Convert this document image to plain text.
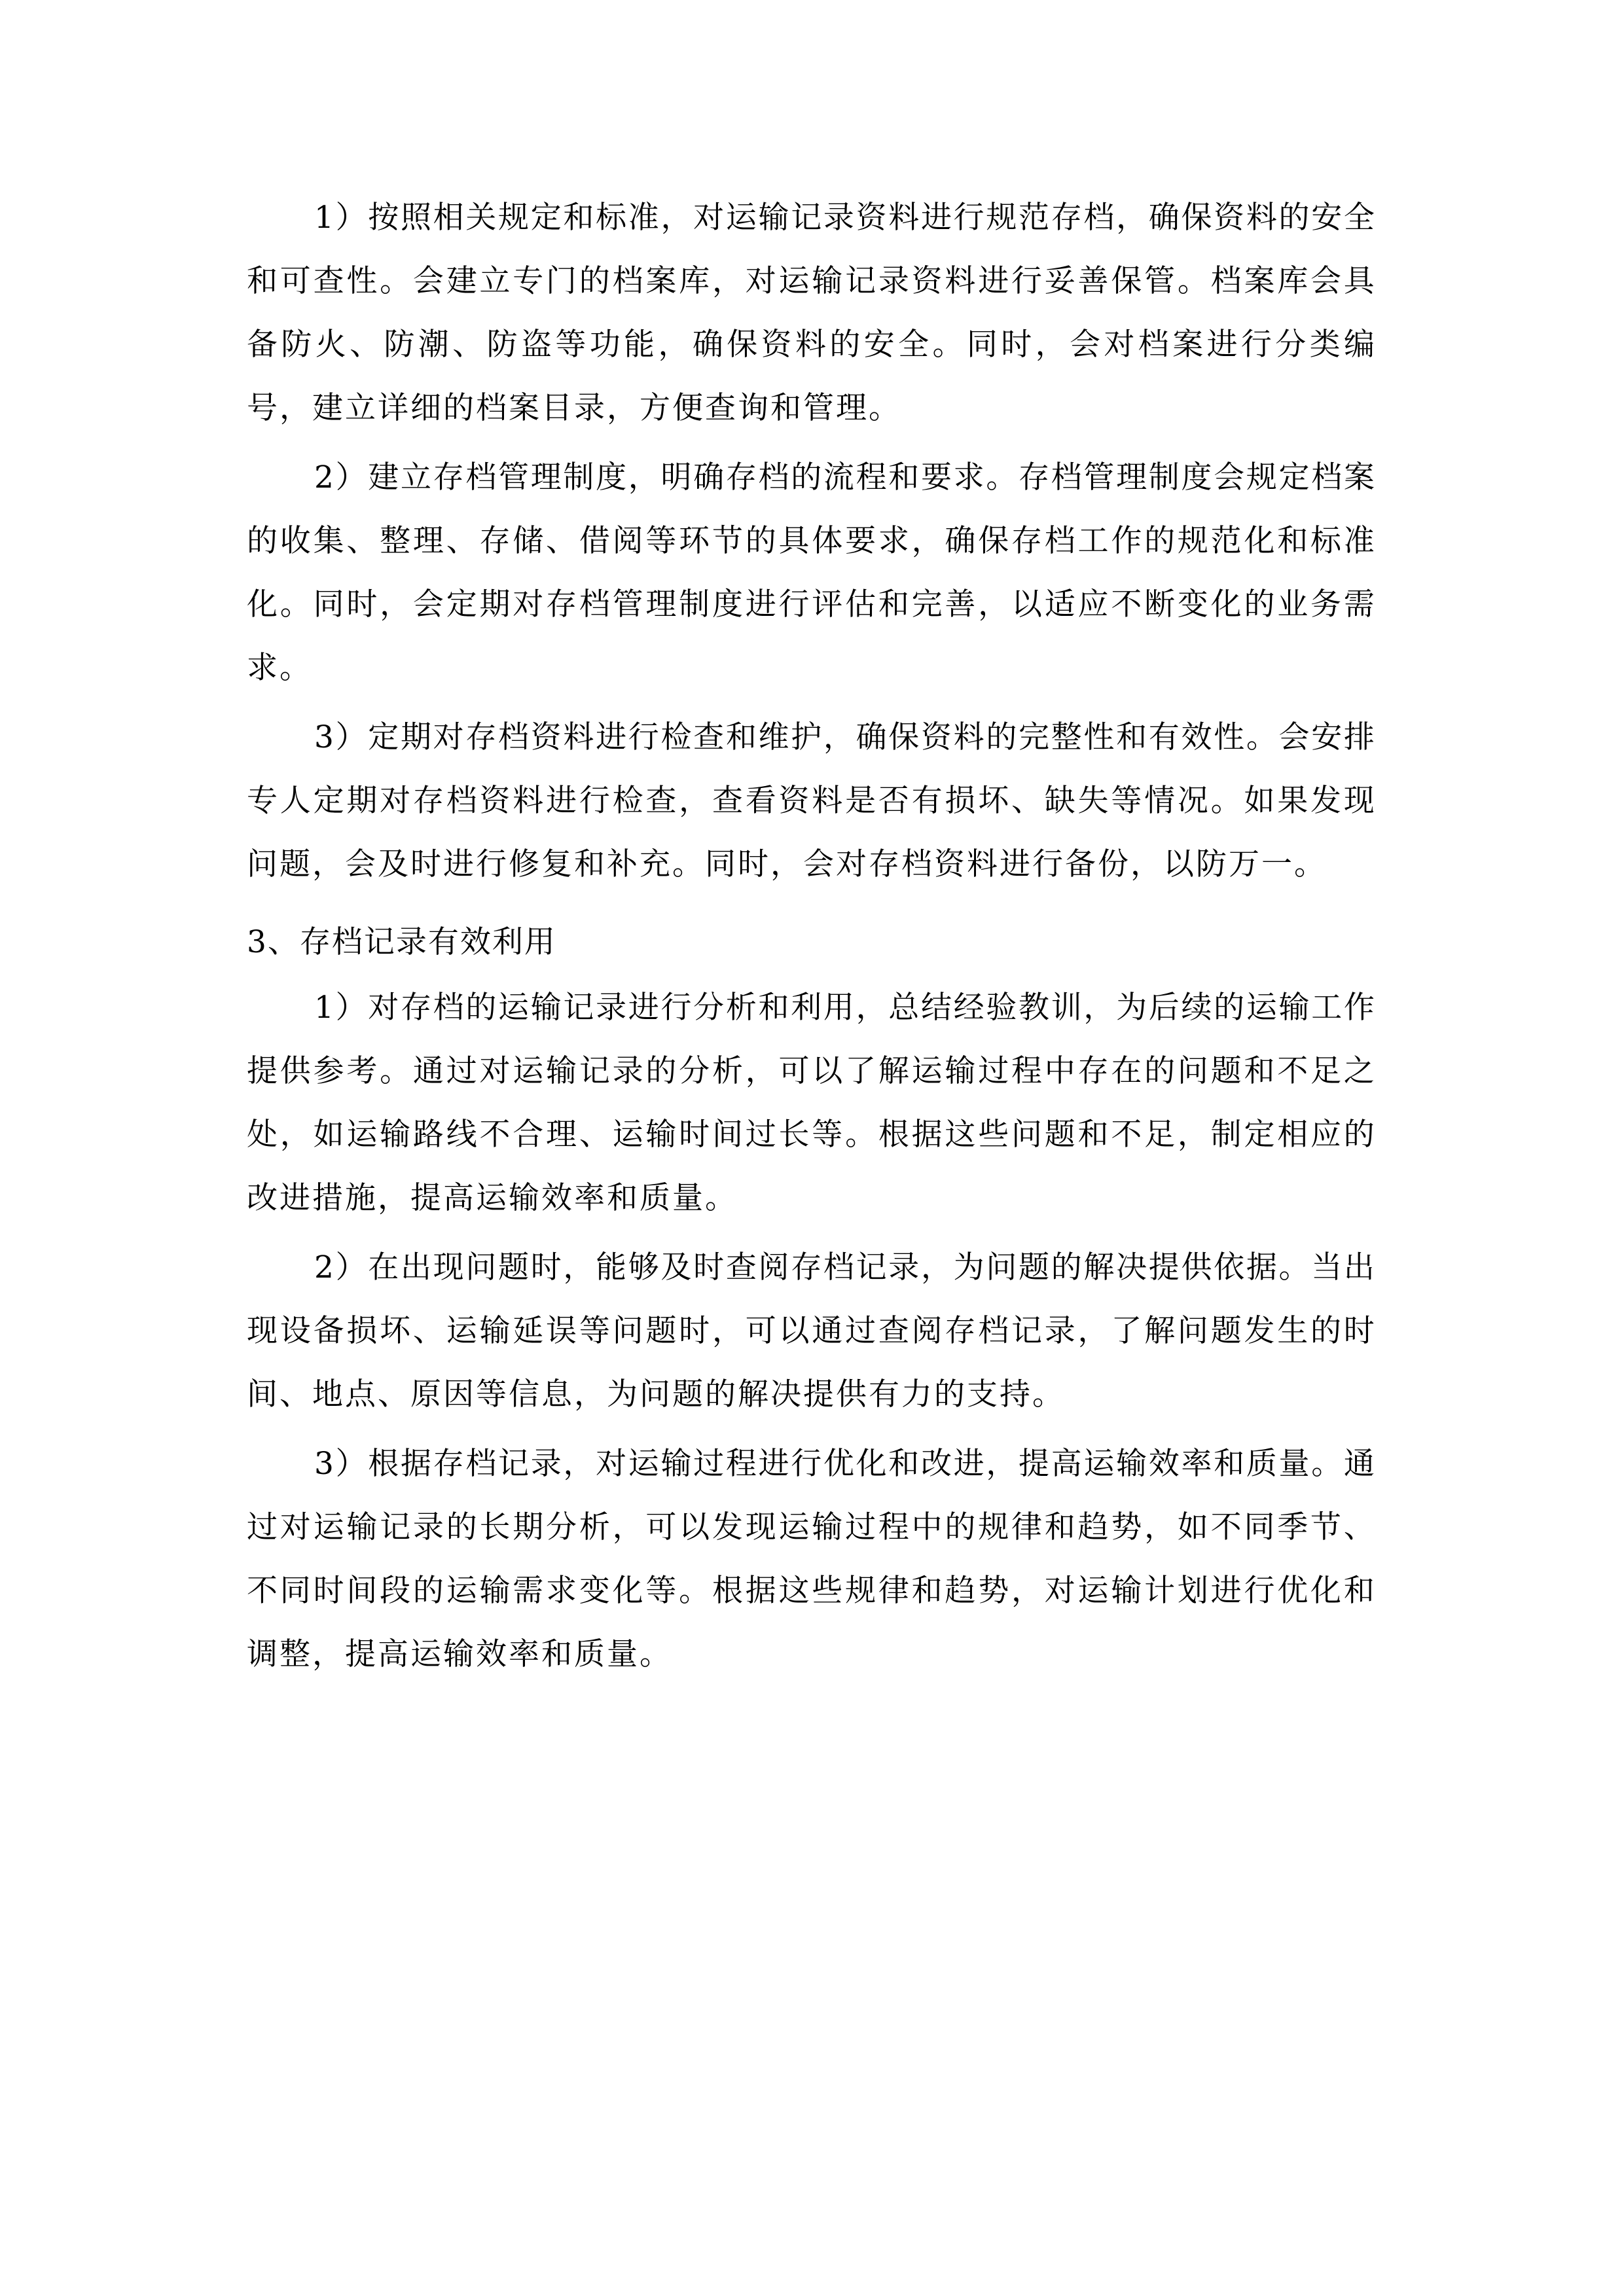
1 ） 按 照 相 关 规 定 和 标 准 ， 对 运 输 记 录 资 料 进 行 规 范 存 档 ， 确 保 资 料 的 安 全
和 可 查 性 。 会 建 立 专 门 的 档 案 库 ， 对 运 输 记 录 资 料 进 行 妥 善 保 管 。 档 案 库 会 具
备 防 火 、 防 潮 、 防 盗 等 功 能 ， 确 保 资 料 的 安 全 。 同 时 ， 会 对 档 案 进 行 分 类 编
号，建立详细的档案目录，方便查询和管理。
2 ） 建 立 存 档 管 理 制 度 ， 明 确 存 档 的 流 程 和 要 求 。 存 档 管 理 制 度 会 规 定 档 案
的 收 集 、 整 理 、 存 储 、 借 阅 等 环 节 的 具 体 要 求 ， 确 保 存 档 工 作 的 规 范 化 和 标 准
化 。 同 时 ， 会 定 期 对 存 档 管 理 制 度 进 行 评 估 和 完 善 ， 以 适 应 不 断 变 化 的 业 务 需
求。
3 ） 定 期 对 存 档 资 料 进 行 检 查 和 维 护 ， 确 保 资 料 的 完 整 性 和 有 效 性 。 会 安 排
专 人 定 期 对 存 档 资 料 进 行 检 查 ， 查 看 资 料 是 否 有 损 坏 、 缺 失 等 情 况 。 如 果 发 现
问题，会及时进行修复和补充。同时，会对存档资料进行备份，以防万一。
3、存档记录有效利用
1 ） 对 存 档 的 运 输 记 录 进 行 分 析 和 利 用 ， 总 结 经 验 教 训 ， 为 后 续 的 运 输 工 作
提 供 参 考 。 通 过 对 运 输 记 录 的 分 析 ， 可 以 了 解 运 输 过 程 中 存 在 的 问 题 和 不 足 之
处 ， 如 运 输 路 线 不 合 理 、 运 输 时 间 过 长 等 。 根 据 这 些 问 题 和 不 足 ， 制 定 相 应 的
改进措施，提高运输效率和质量。
2 ） 在 出 现 问 题 时 ， 能 够 及 时 查 阅 存 档 记 录 ， 为 问 题 的 解 决 提 供 依 据 。 当 出
现 设 备 损 坏 、 运 输 延 误 等 问 题 时 ， 可 以 通 过 查 阅 存 档 记 录 ， 了 解 问 题 发 生 的 时
间、地点、原因等信息，为问题的解决提供有力的支持。
3 ） 根 据 存 档 记 录 ， 对 运 输 过 程 进 行 优 化 和 改 进 ， 提 高 运 输 效 率 和 质 量 。 通
过 对 运 输 记 录 的 长 期 分 析 ， 可 以 发 现 运 输 过 程 中 的 规 律 和 趋 势 ， 如 不 同 季 节 、
不 同 时 间 段 的 运 输 需 求 变 化 等 。 根 据 这 些 规 律 和 趋 势 ， 对 运 输 计 划 进 行 优 化 和
调整，提高运输效率和质量。
